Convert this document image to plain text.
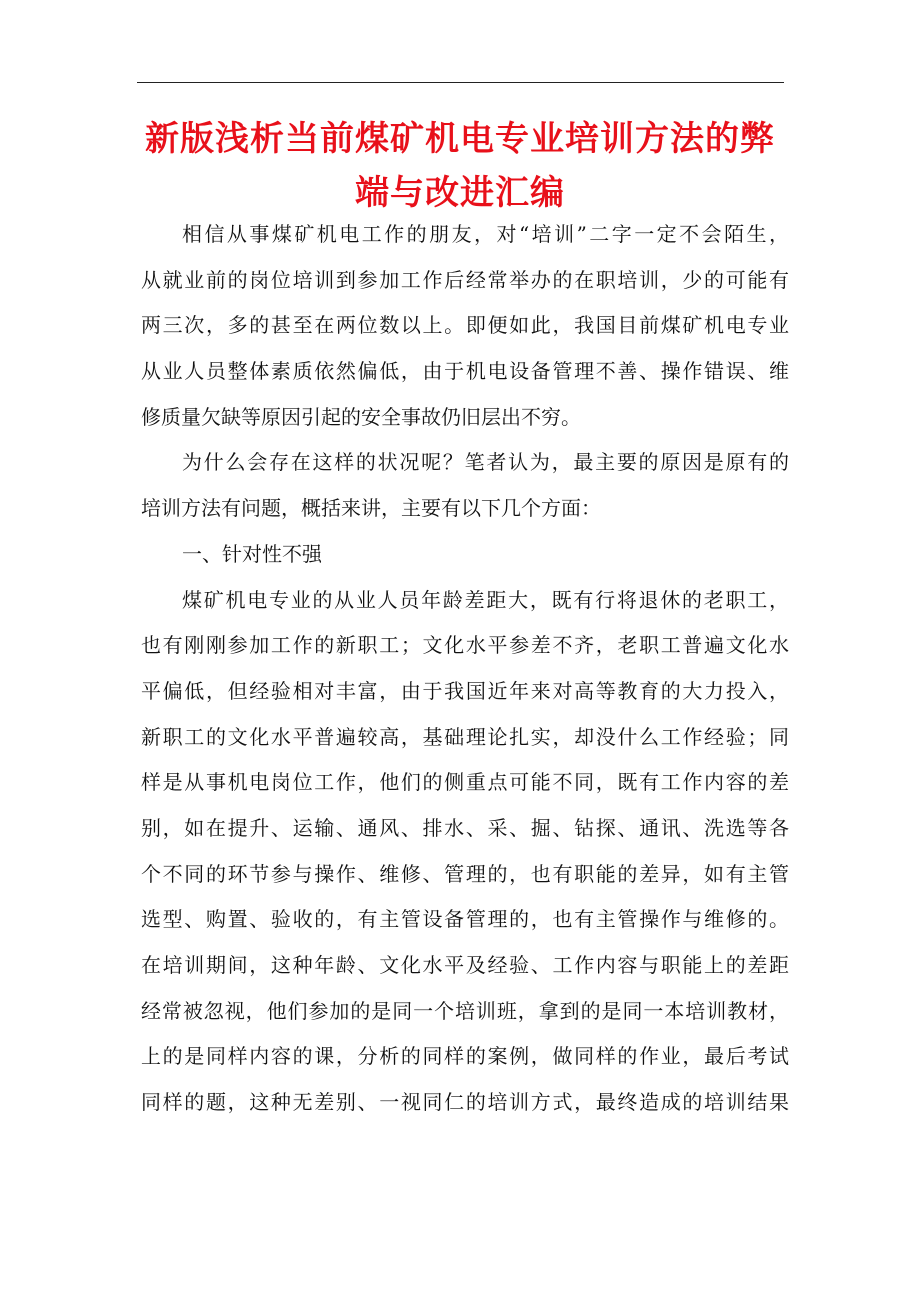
新版浅析当前煤矿机电专业培训方法的弊
端与改进汇编
相信从事煤矿机电工作的朋友，对“培训”二字一定不会陌生，
从就业前的岗位培训到参加工作后经常举办的在职培训，少的可能有
两三次，多的甚至在两位数以上。即便如此，我国目前煤矿机电专业
从业人员整体素质依然偏低，由于机电设备管理不善、操作错误、维
修质量欠缺等原因引起的安全事故仍旧层出不穷。
为什么会存在这样的状况呢？笔者认为，最主要的原因是原有的
培训方法有问题，概括来讲，主要有以下几个方面：
一、针对性不强
煤矿机电专业的从业人员年龄差距大，既有行将退休的老职工，
也有刚刚参加工作的新职工；文化水平参差不齐，老职工普遍文化水
平偏低，但经验相对丰富，由于我国近年来对高等教育的大力投入，
新职工的文化水平普遍较高，基础理论扎实，却没什么工作经验；同
样是从事机电岗位工作，他们的侧重点可能不同，既有工作内容的差
别，如在提升、运输、通风、排水、采、掘、钻探、通讯、洗选等各
个不同的环节参与操作、维修、管理的，也有职能的差异，如有主管
选型、购置、验收的，有主管设备管理的，也有主管操作与维修的。
在培训期间，这种年龄、文化水平及经验、工作内容与职能上的差距
经常被忽视，他们参加的是同一个培训班，拿到的是同一本培训教材，
上的是同样内容的课，分析的同样的案例，做同样的作业，最后考试
同样的题，这种无差别、一视同仁的培训方式，最终造成的培训结果
